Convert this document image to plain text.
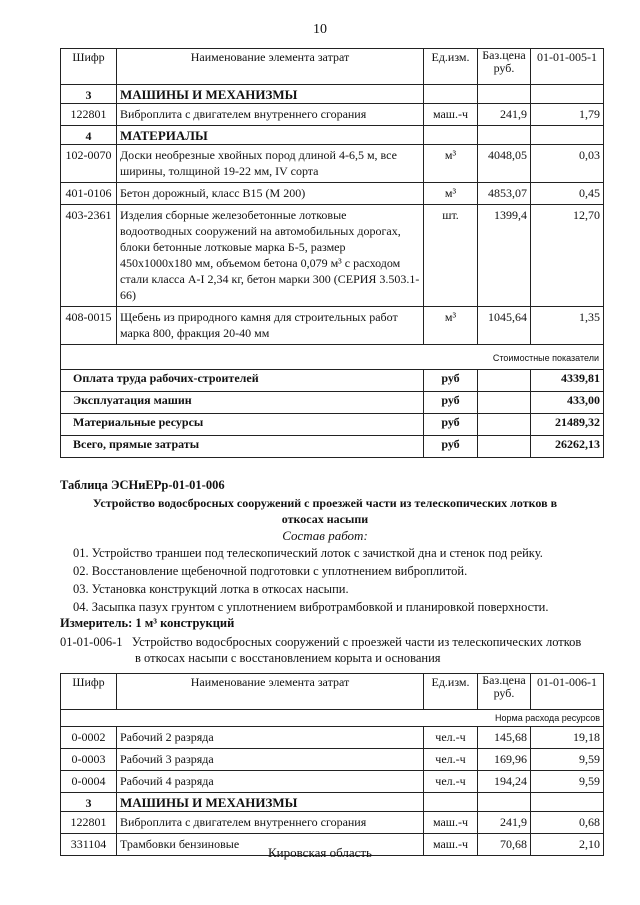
10
Шифр	Наименование элемента затрат	Ед.изм.	Баз.цена руб.	01-01-005-1
3	МАШИНЫ И МЕХАНИЗМЫ			
122801	Виброплита с двигателем внутреннего сгорания	маш.-ч	241,9	1,79
4	МАТЕРИАЛЫ			
102-0070	Доски необрезные хвойных пород длиной 4-6,5 м, все ширины, толщиной 19-22 мм, IV сорта	м³	4048,05	0,03
401-0106	Бетон дорожный, класс В15 (М 200)	м³	4853,07	0,45
403-2361	Изделия сборные железобетонные лотковые водоотводных сооружений на автомобильных дорогах, блоки бетонные лотковые марка Б-5, размер 450х1000х180 мм, объемом бетона 0,079 м³ с расходом стали класса А-I 2,34 кг, бетон марки 300 (СЕРИЯ 3.503.1-66)	шт.	1399,4	12,70
408-0015	Щебень из природного камня для строительных работ марка 800, фракция 20-40 мм	м³	1045,64	1,35
Стоимостные показатели				
Оплата труда рабочих-строителей		руб		4339,81
Эксплуатация машин		руб		433,00
Материальные ресурсы		руб		21489,32
Всего, прямые затраты		руб		26262,13
Таблица ЭСНиЕРр-01-01-006
Устройство водосбросных сооружений с проезжей части из телескопических лотков в
откосах насыпи
Состав работ:
01. Устройство траншеи под телескопический лоток с зачисткой дна и стенок под рейку.
02. Восстановление щебеночной подготовки с уплотнением виброплитой.
03. Установка конструкций лотка в откосах насыпи.
04. Засыпка пазух грунтом с уплотнением вибротрамбовкой и планировкой поверхности.
Измеритель: 1 м³ конструкций
01-01-006-1 Устройство водосбросных сооружений с проезжей части из телескопических лотков
в откосах насыпи с восстановлением корыта и основания
Шифр	Наименование элемента затрат	Ед.изм.	Баз.цена руб.	01-01-006-1
Норма расхода ресурсов				
0-0002	Рабочий 2 разряда	чел.-ч	145,68	19,18
0-0003	Рабочий 3 разряда	чел.-ч	169,96	9,59
0-0004	Рабочий 4 разряда	чел.-ч	194,24	9,59
3	МАШИНЫ И МЕХАНИЗМЫ			
122801	Виброплита с двигателем внутреннего сгорания	маш.-ч	241,9	0,68
331104	Трамбовки бензиновые	маш.-ч	70,68	2,10
Кировская область
